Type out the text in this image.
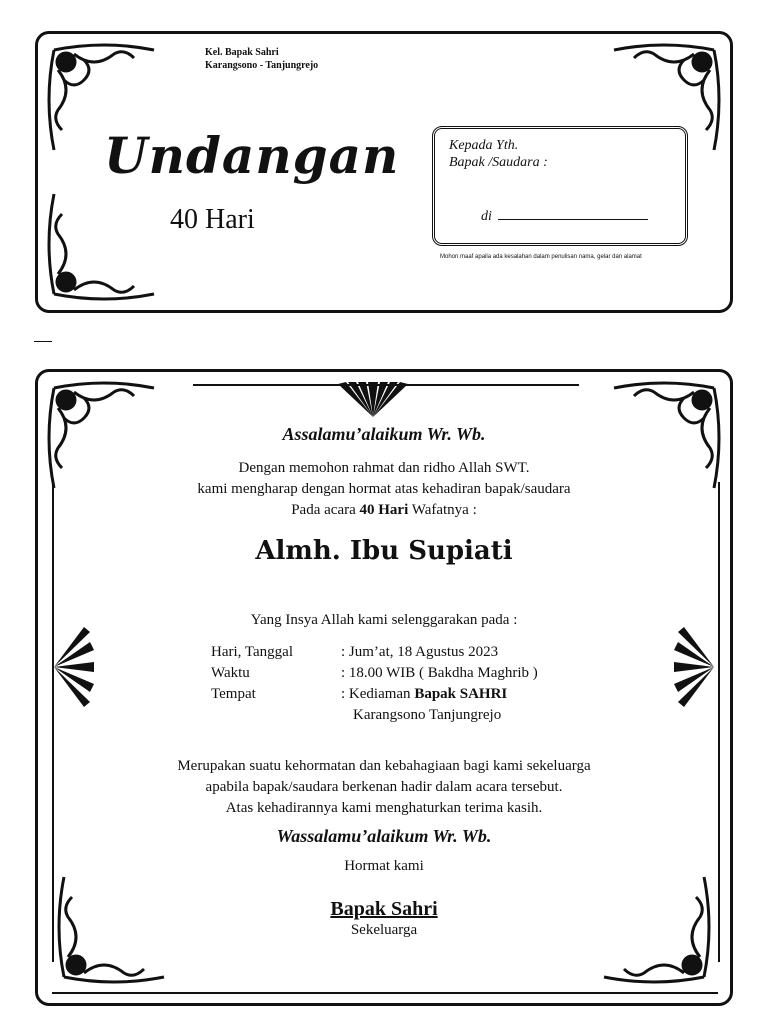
Kel. Bapak Sahri
Karangsono - Tanjungrejo
Undangan
40 Hari
Kepada Yth.
Bapak /Saudara :
di
Mohon maaf apaila ada kesalahan dalam penulisan nama, gelar dan alamat
Assalamu’alaikum Wr. Wb.
Dengan memohon rahmat dan ridho Allah SWT.
kami mengharap dengan hormat atas kehadiran bapak/saudara
Pada acara 40 Hari Wafatnya :
Almh. Ibu Supiati
Yang Insya Allah kami selenggarakan pada :
Hari, Tanggal	: Jum’at, 18 Agustus 2023
Waktu	: 18.00 WIB ( Bakdha Maghrib )
Tempat	: Kediaman Bapak SAHRI
Karangsono Tanjungrejo
Merupakan suatu kehormatan dan kebahagiaan bagi kami sekeluarga
apabila bapak/saudara berkenan hadir dalam acara tersebut.
Atas kehadirannya kami menghaturkan terima kasih.
Wassalamu’alaikum Wr. Wb.
Hormat kami
Bapak Sahri
Sekeluarga
